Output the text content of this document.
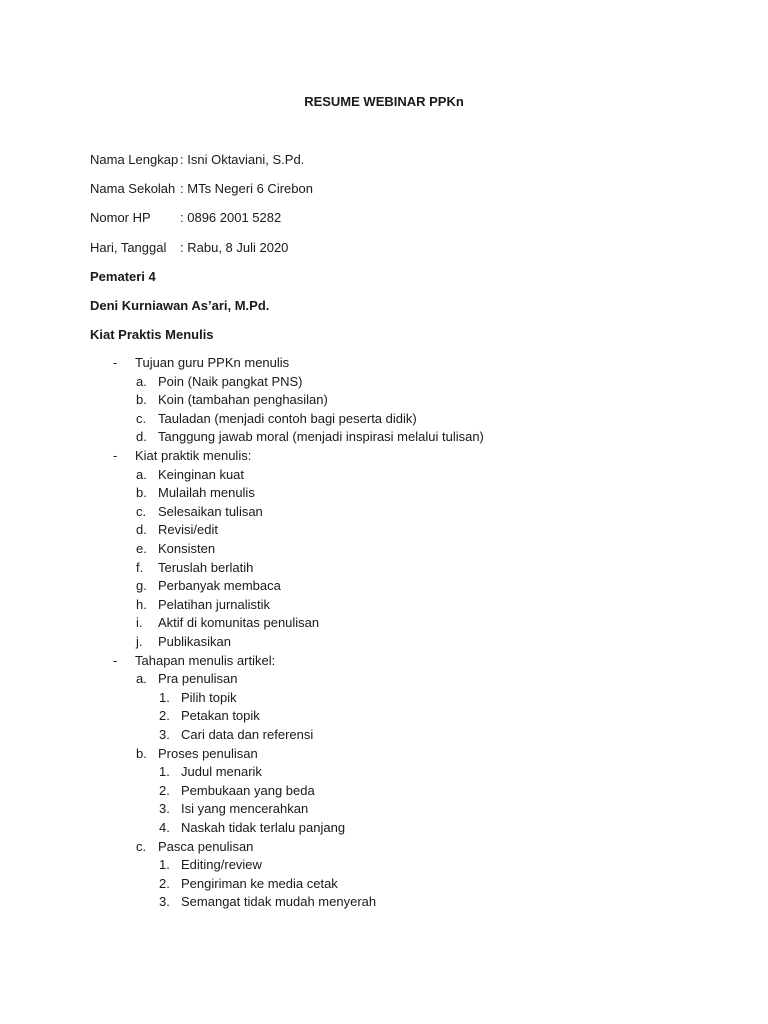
RESUME WEBINAR PPKn
Nama Lengkap : Isni Oktaviani, S.Pd.
Nama Sekolah : MTs Negeri 6 Cirebon
Nomor HP	: 0896 2001 5282
Hari, Tanggal	: Rabu, 8 Juli 2020
Pemateri 4
Deni Kurniawan As’ari, M.Pd.
Kiat Praktis Menulis
- Tujuan guru PPKn menulis
a. Poin (Naik pangkat PNS)
b. Koin (tambahan penghasilan)
c. Tauladan (menjadi contoh bagi peserta didik)
d. Tanggung jawab moral (menjadi inspirasi melalui tulisan)
- Kiat praktik menulis:
a. Keinginan kuat
b. Mulailah menulis
c. Selesaikan tulisan
d. Revisi/edit
e. Konsisten
f. Teruslah berlatih
g. Perbanyak membaca
h. Pelatihan jurnalistik
i. Aktif di komunitas penulisan
j. Publikasikan
- Tahapan menulis artikel:
a. Pra penulisan
1. Pilih topik
2. Petakan topik
3. Cari data dan referensi
b. Proses penulisan
1. Judul menarik
2. Pembukaan yang beda
3. Isi yang mencerahkan
4. Naskah tidak terlalu panjang
c. Pasca penulisan
1. Editing/review
2. Pengiriman ke media cetak
3. Semangat tidak mudah menyerah
